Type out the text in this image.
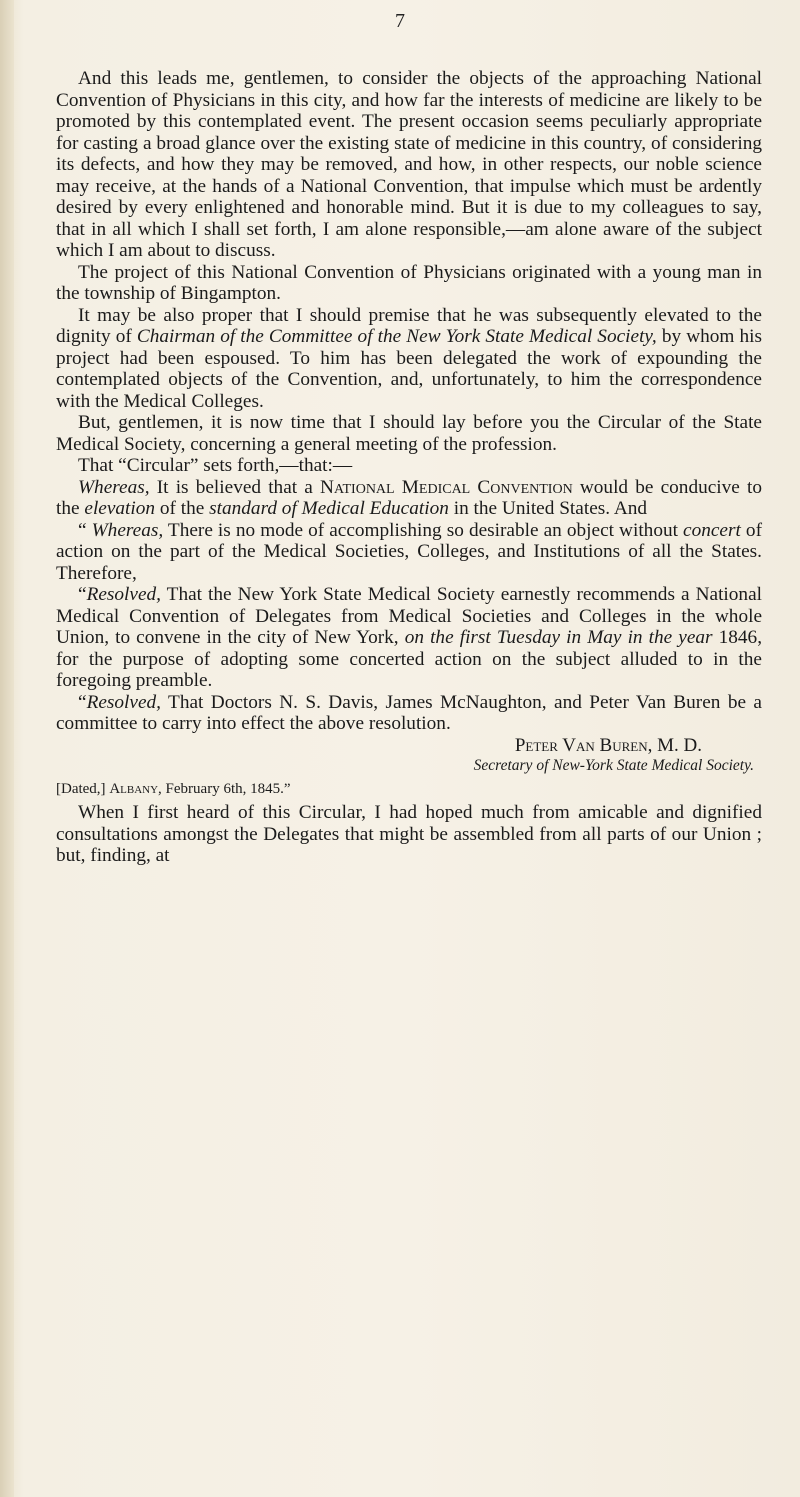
7

And this leads me, gentlemen, to consider the objects of the approaching National Convention of Physicians in this city, and how far the interests of medicine are likely to be promoted by this contemplated event. The present occasion seems peculiarly appropriate for casting a broad glance over the existing state of medicine in this country, of considering its defects, and how they may be removed, and how, in other respects, our noble science may receive, at the hands of a National Convention, that impulse which must be ardently desired by every enlightened and honorable mind. But it is due to my colleagues to say, that in all which I shall set forth, I am alone responsible,—am alone aware of the subject which I am about to discuss.

The project of this National Convention of Physicians originated with a young man in the township of Bingampton.

It may be also proper that I should premise that he was subsequently elevated to the dignity of Chairman of the Committee of the New York State Medical Society, by whom his project had been espoused. To him has been delegated the work of expounding the contemplated objects of the Convention, and, unfortunately, to him the correspondence with the Medical Colleges.

But, gentlemen, it is now time that I should lay before you the Circular of the State Medical Society, concerning a general meeting of the profession.

That “Circular” sets forth,—that:—

Whereas, It is believed that a National Medical Convention would be conducive to the elevation of the standard of Medical Education in the United States. And

“ Whereas, There is no mode of accomplishing so desirable an object without concert of action on the part of the Medical Societies, Colleges, and Institutions of all the States. Therefore,

“Resolved, That the New York State Medical Society earnestly recommends a National Medical Convention of Delegates from Medical Societies and Colleges in the whole Union, to convene in the city of New York, on the first Tuesday in May in the year 1846, for the purpose of adopting some concerted action on the subject alluded to in the foregoing preamble.

“Resolved, That Doctors N. S. Davis, James McNaughton, and Peter Van Buren be a committee to carry into effect the above resolution.

Peter Van Buren, M. D.
Secretary of New-York State Medical Society.

[Dated,] Albany, February 6th, 1845.”

When I first heard of this Circular, I had hoped much from amicable and dignified consultations amongst the Delegates that might be assembled from all parts of our Union ; but, finding, at
